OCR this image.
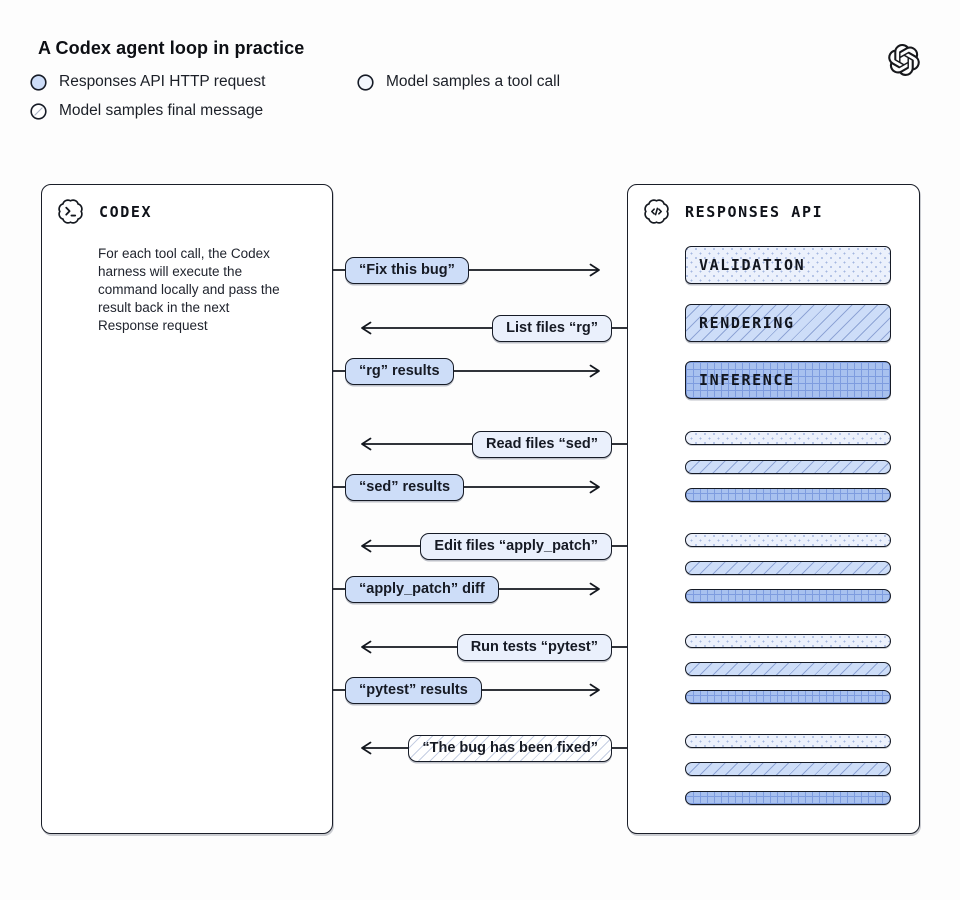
A Codex agent loop in practice
Responses API HTTP request	Model samples a tool call
Model samples final message
CODEX

For each tool call, the Codex harness will execute the command locally and pass the result back in the next Response request

RESPONSES API
VALIDATION
RENDERING
INFERENCE
“Fix this bug”
List files “rg”
“rg” results
Read files “sed”
“sed” results
Edit files “apply_patch”
“apply_patch” diff
Run tests “pytest”
“pytest” results
“The bug has been fixed”
